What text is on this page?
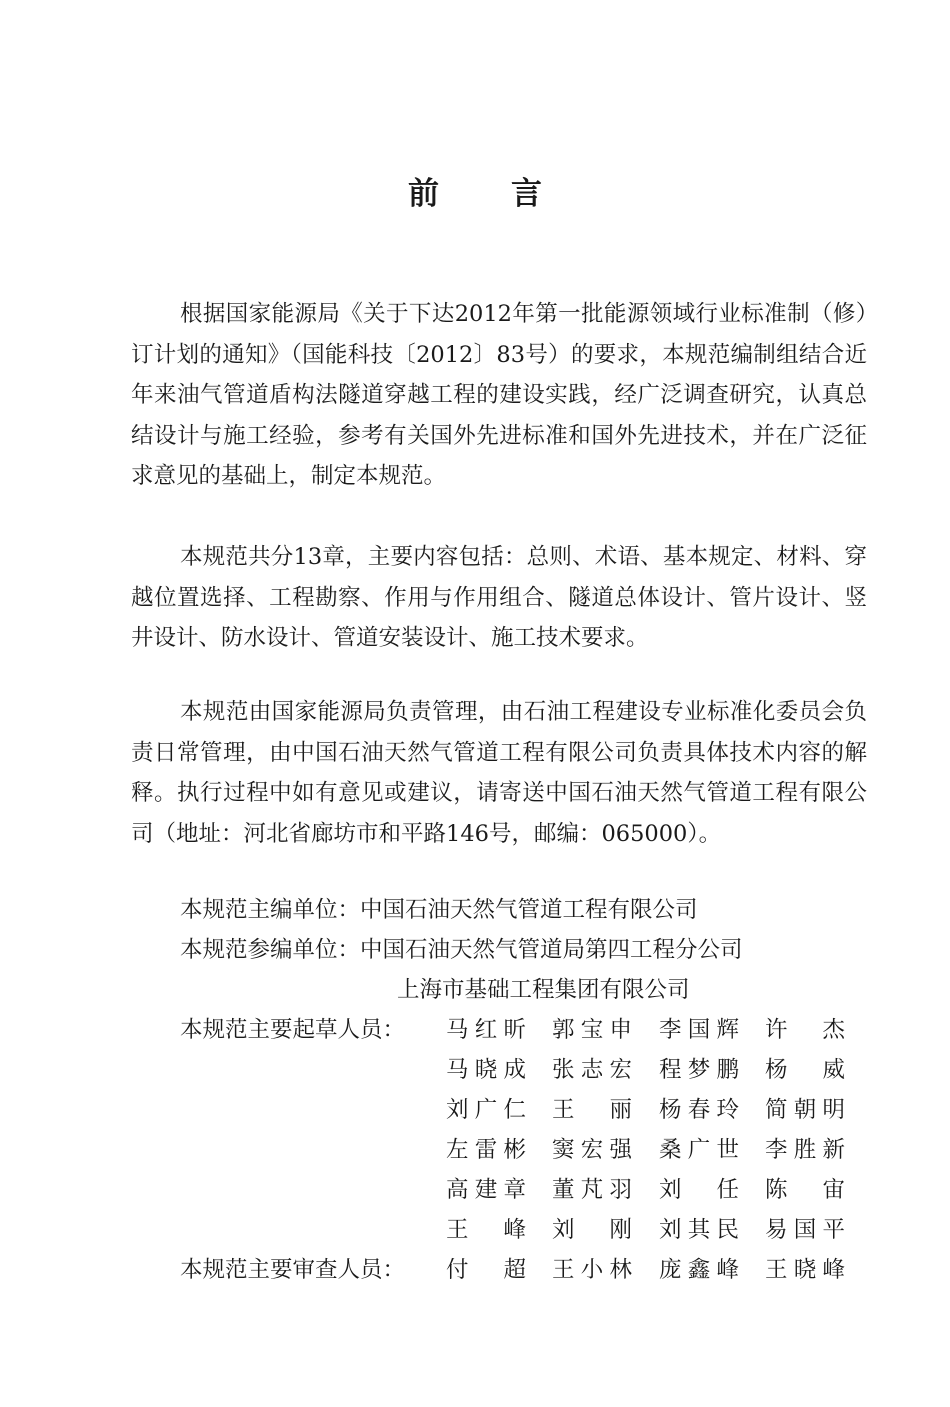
前 言

根据国家能源局《关于下达2012年第一批能源领域行业标准制（修）订计划的通知》（国能科技〔2012〕83号）的要求，本规范编制组结合近年来油气管道盾构法隧道穿越工程的建设实践，经广泛调查研究，认真总结设计与施工经验，参考有关国外先进标准和国外先进技术，并在广泛征求意见的基础上，制定本规范。

本规范共分13章，主要内容包括：总则、术语、基本规定、材料、穿越位置选择、工程勘察、作用与作用组合、隧道总体设计、管片设计、竖井设计、防水设计、管道安装设计、施工技术要求。

本规范由国家能源局负责管理，由石油工程建设专业标准化委员会负责日常管理，由中国石油天然气管道工程有限公司负责具体技术内容的解释。执行过程中如有意见或建议，请寄送中国石油天然气管道工程有限公司（地址：河北省廊坊市和平路146号，邮编：065000）。

本规范主编单位：中国石油天然气管道工程有限公司
本规范参编单位：中国石油天然气管道局第四工程分公司
上海市基础工程集团有限公司
本规范主要起草人员： 马红昕 郭宝申 李国辉 许杰
马晓成 张志宏 程梦鹏 杨威
刘广仁 王丽 杨春玲 简朝明
左雷彬 窦宏强 桑广世 李胜新
高建章 董芃羽 刘任 陈宙
王峰 刘刚 刘其民 易国平
本规范主要审查人员： 付超 王小林 庞鑫峰 王晓峰
